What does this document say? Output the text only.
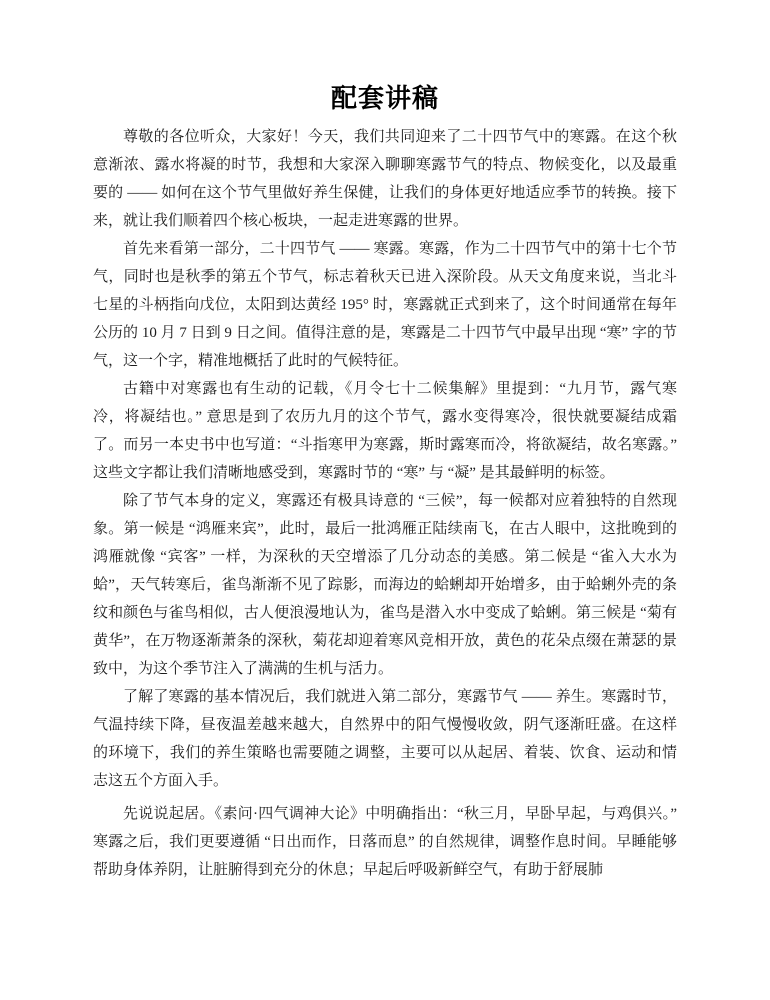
配套讲稿

尊敬的各位听众，大家好！今天，我们共同迎来了二十四节气中的寒露。在这个秋意渐浓、露水将凝的时节，我想和大家深入聊聊寒露节气的特点、物候变化，以及最重要的 —— 如何在这个节气里做好养生保健，让我们的身体更好地适应季节的转换。接下来，就让我们顺着四个核心板块，一起走进寒露的世界。

首先来看第一部分，二十四节气 —— 寒露。寒露，作为二十四节气中的第十七个节气，同时也是秋季的第五个节气，标志着秋天已进入深阶段。从天文角度来说，当北斗七星的斗柄指向戊位，太阳到达黄经 195° 时，寒露就正式到来了，这个时间通常在每年公历的 10 月 7 日到 9 日之间。值得注意的是，寒露是二十四节气中最早出现 “寒” 字的节气，这一个字，精准地概括了此时的气候特征。

古籍中对寒露也有生动的记载，《月令七十二候集解》里提到：“九月节，露气寒冷，将凝结也。” 意思是到了农历九月的这个节气，露水变得寒冷，很快就要凝结成霜了。而另一本史书中也写道：“斗指寒甲为寒露，斯时露寒而冷，将欲凝结，故名寒露。” 这些文字都让我们清晰地感受到，寒露时节的 “寒” 与 “凝” 是其最鲜明的标签。

除了节气本身的定义，寒露还有极具诗意的 “三候”，每一候都对应着独特的自然现象。第一候是 “鸿雁来宾”，此时，最后一批鸿雁正陆续南飞，在古人眼中，这批晚到的鸿雁就像 “宾客” 一样，为深秋的天空增添了几分动态的美感。第二候是 “雀入大水为蛤”，天气转寒后，雀鸟渐渐不见了踪影，而海边的蛤蜊却开始增多，由于蛤蜊外壳的条纹和颜色与雀鸟相似，古人便浪漫地认为，雀鸟是潜入水中变成了蛤蜊。第三候是 “菊有黄华”，在万物逐渐萧条的深秋，菊花却迎着寒风竞相开放，黄色的花朵点缀在萧瑟的景致中，为这个季节注入了满满的生机与活力。

了解了寒露的基本情况后，我们就进入第二部分，寒露节气 —— 养生。寒露时节，气温持续下降，昼夜温差越来越大，自然界中的阳气慢慢收敛，阴气逐渐旺盛。在这样的环境下，我们的养生策略也需要随之调整，主要可以从起居、着装、饮食、运动和情志这五个方面入手。

先说说起居。《素问·四气调神大论》中明确指出：“秋三月，早卧早起，与鸡俱兴。” 寒露之后，我们更要遵循 “日出而作，日落而息” 的自然规律，调整作息时间。早睡能够帮助身体养阴，让脏腑得到充分的休息；早起后呼吸新鲜空气，有助于舒展肺
